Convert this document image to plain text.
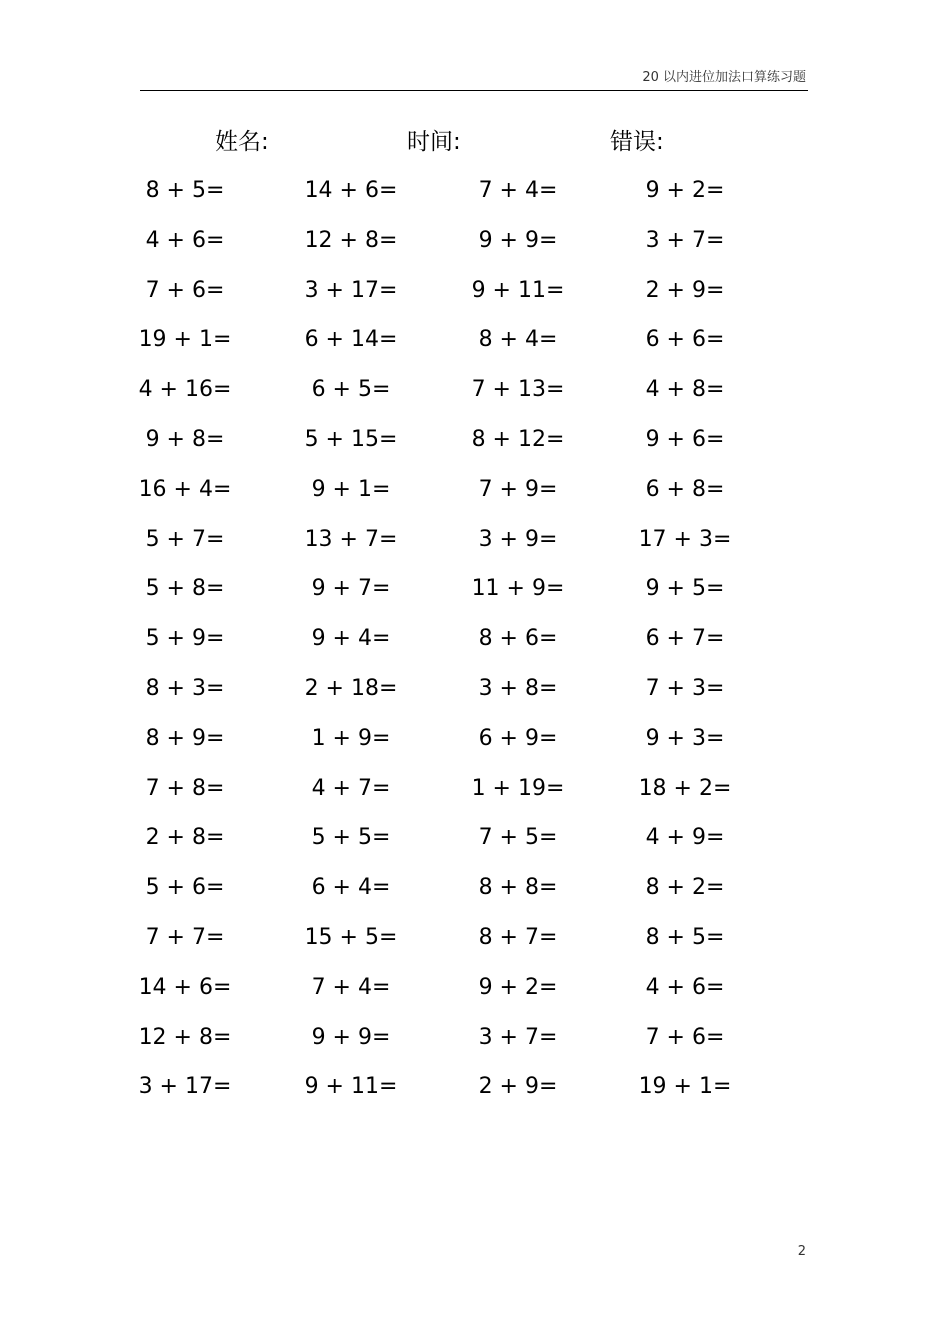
20 以内进位加法口算练习题
姓名:	时间:	错误:
8 + 5=	14 + 6=	7 + 4=	9 + 2=
4 + 6=	12 + 8=	9 + 9=	3 + 7=
7 + 6=	3 + 17=	9 + 11=	2 + 9=
19 + 1=	6 + 14=	8 + 4=	6 + 6=
4 + 16=	6 + 5=	7 + 13=	4 + 8=
9 + 8=	5 + 15=	8 + 12=	9 + 6=
16 + 4=	9 + 1=	7 + 9=	6 + 8=
5 + 7=	13 + 7=	3 + 9=	17 + 3=
5 + 8=	9 + 7=	11 + 9=	9 + 5=
5 + 9=	9 + 4=	8 + 6=	6 + 7=
8 + 3=	2 + 18=	3 + 8=	7 + 3=
8 + 9=	1 + 9=	6 + 9=	9 + 3=
7 + 8=	4 + 7=	1 + 19=	18 + 2=
2 + 8=	5 + 5=	7 + 5=	4 + 9=
5 + 6=	6 + 4=	8 + 8=	8 + 2=
7 + 7=	15 + 5=	8 + 7=	8 + 5=
14 + 6=	7 + 4=	9 + 2=	4 + 6=
12 + 8=	9 + 9=	3 + 7=	7 + 6=
3 + 17=	9 + 11=	2 + 9=	19 + 1=
2
